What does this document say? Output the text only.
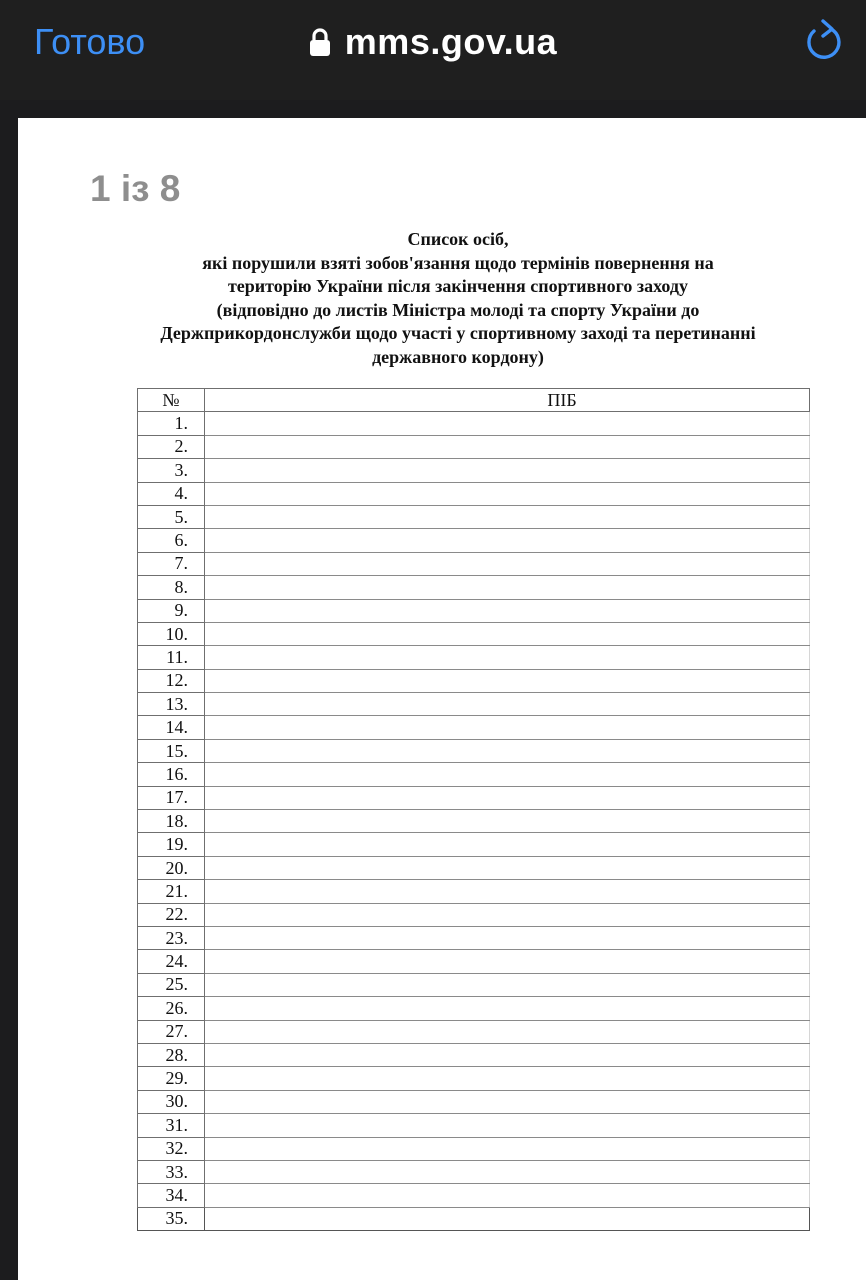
Готово	mms.gov.ua
1 із 8
Список осіб,
які порушили взяті зобов'язання щодо термінів повернення на
територію України після закінчення спортивного заходу
(відповідно до листів Міністра молоді та спорту України до
Держприкордонслужби щодо участі у спортивному заході та перетинанні
державного кордону)
№	ПІБ
1.	
2.	
3.	
4.	
5.	
6.	
7.	
8.	
9.	
10.	
11.	
12.	
13.	
14.	
15.	
16.	
17.	
18.	
19.	
20.	
21.	
22.	
23.	
24.	
25.	
26.	
27.	
28.	
29.	
30.	
31.	
32.	
33.	
34.	
35.	
